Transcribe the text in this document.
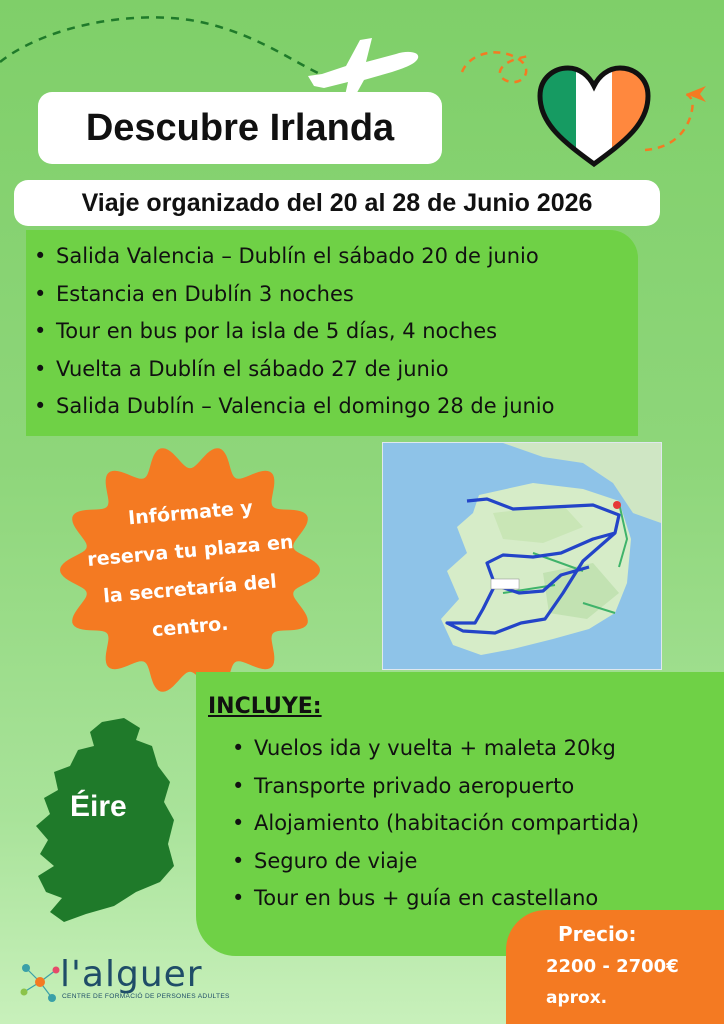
Descubre Irlanda
Viaje organizado del 20 al 28 de Junio 2026
• Salida Valencia – Dublín el sábado 20 de junio
• Estancia en Dublín 3 noches
• Tour en bus por la isla de 5 días, 4 noches
• Vuelta a Dublín el sábado 27 de junio
• Salida Dublín – Valencia el domingo 28 de junio
Infórmate y
reserva tu plaza en
la secretaría del
centro.
INCLUYE:
• Vuelos ida y vuelta + maleta 20kg
• Transporte privado aeropuerto
• Alojamiento (habitación compartida)
• Seguro de viaje
• Tour en bus + guía en castellano
Éire
Precio:
2200 - 2700€
aprox.
l'alguer
CENTRE DE FORMACIÓ DE PERSONES ADULTES
